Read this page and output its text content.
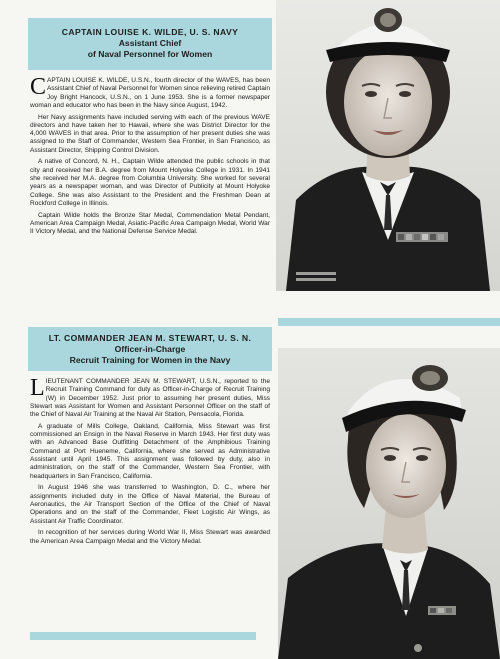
CAPTAIN LOUISE K. WILDE, U. S. NAVY
Assistant Chief
of Naval Personnel for Women

CAPTAIN LOUISE K. WILDE, U.S.N., fourth director of the WAVES, has been Assistant Chief of Naval Personnel for Women since relieving retired Captain Joy Bright Hancock, U.S.N., on 1 June 1953. She is a former newspaper woman and educator who has been in the Navy since August, 1942.

Her Navy assignments have included serving with each of the previous WAVE directors and have taken her to Hawaii, where she was District Director for the 4,000 WAVES in that area. Prior to the assumption of her present duties she was assigned to the Staff of Commander, Western Sea Frontier, in San Francisco, as Assistant Director, Shipping Control Division.

A native of Concord, N. H., Captain Wilde attended the public schools in that city and received her B.A. degree from Mount Holyoke College in 1931. In 1941 she received her M.A. degree from Columbia University. She worked for several years as a newspaper woman, and was Director of Publicity at Mount Holyoke College. She was also Assistant to the President and the Freshman Dean at Rockford College in Illinois.

Captain Wilde holds the Bronze Star Medal, Commendation Metal Pendant, American Area Campaign Medal, Asiatic-Pacific Area Campaign Medal, World War II Victory Medal, and the National Defense Service Medal.

LT. COMMANDER JEAN M. STEWART, U. S. N.
Officer-in-Charge
Recruit Training for Women in the Navy

LIEUTENANT COMMANDER JEAN M. STEWART, U.S.N., reported to the Recruit Training Command for duty as Officer-in-Charge of Recruit Training (W) in December 1952. Just prior to assuming her present duties, Miss Stewart was Assistant for Women and Assistant Personnel Officer on the staff of the Chief of Naval Air Training at the Naval Air Station, Pensacola, Florida.

A graduate of Mills College, Oakland, California, Miss Stewart was first commissioned an Ensign in the Naval Reserve in March 1943. Her first duty was with an Advanced Base Outfitting Detachment of the Amphibious Training Command at Port Hueneme, California, where she served as Administrative Assistant until April 1945. This assignment was followed by duty, also in administration, on the staff of the Commander, Western Sea Frontier, with headquarters in San Francisco, California.

In August 1946 she was transferred to Washington, D. C., where her assignments included duty in the Office of Naval Material, the Bureau of Aeronautics, the Air Transport Section of the Office of the Chief of Naval Operations and on the staff of the Commander, Fleet Logistic Air Wings, as Assistant Air Traffic Coordinator.

In recognition of her services during World War II, Miss Stewart was awarded the American Area Campaign Medal and the Victory Medal.
